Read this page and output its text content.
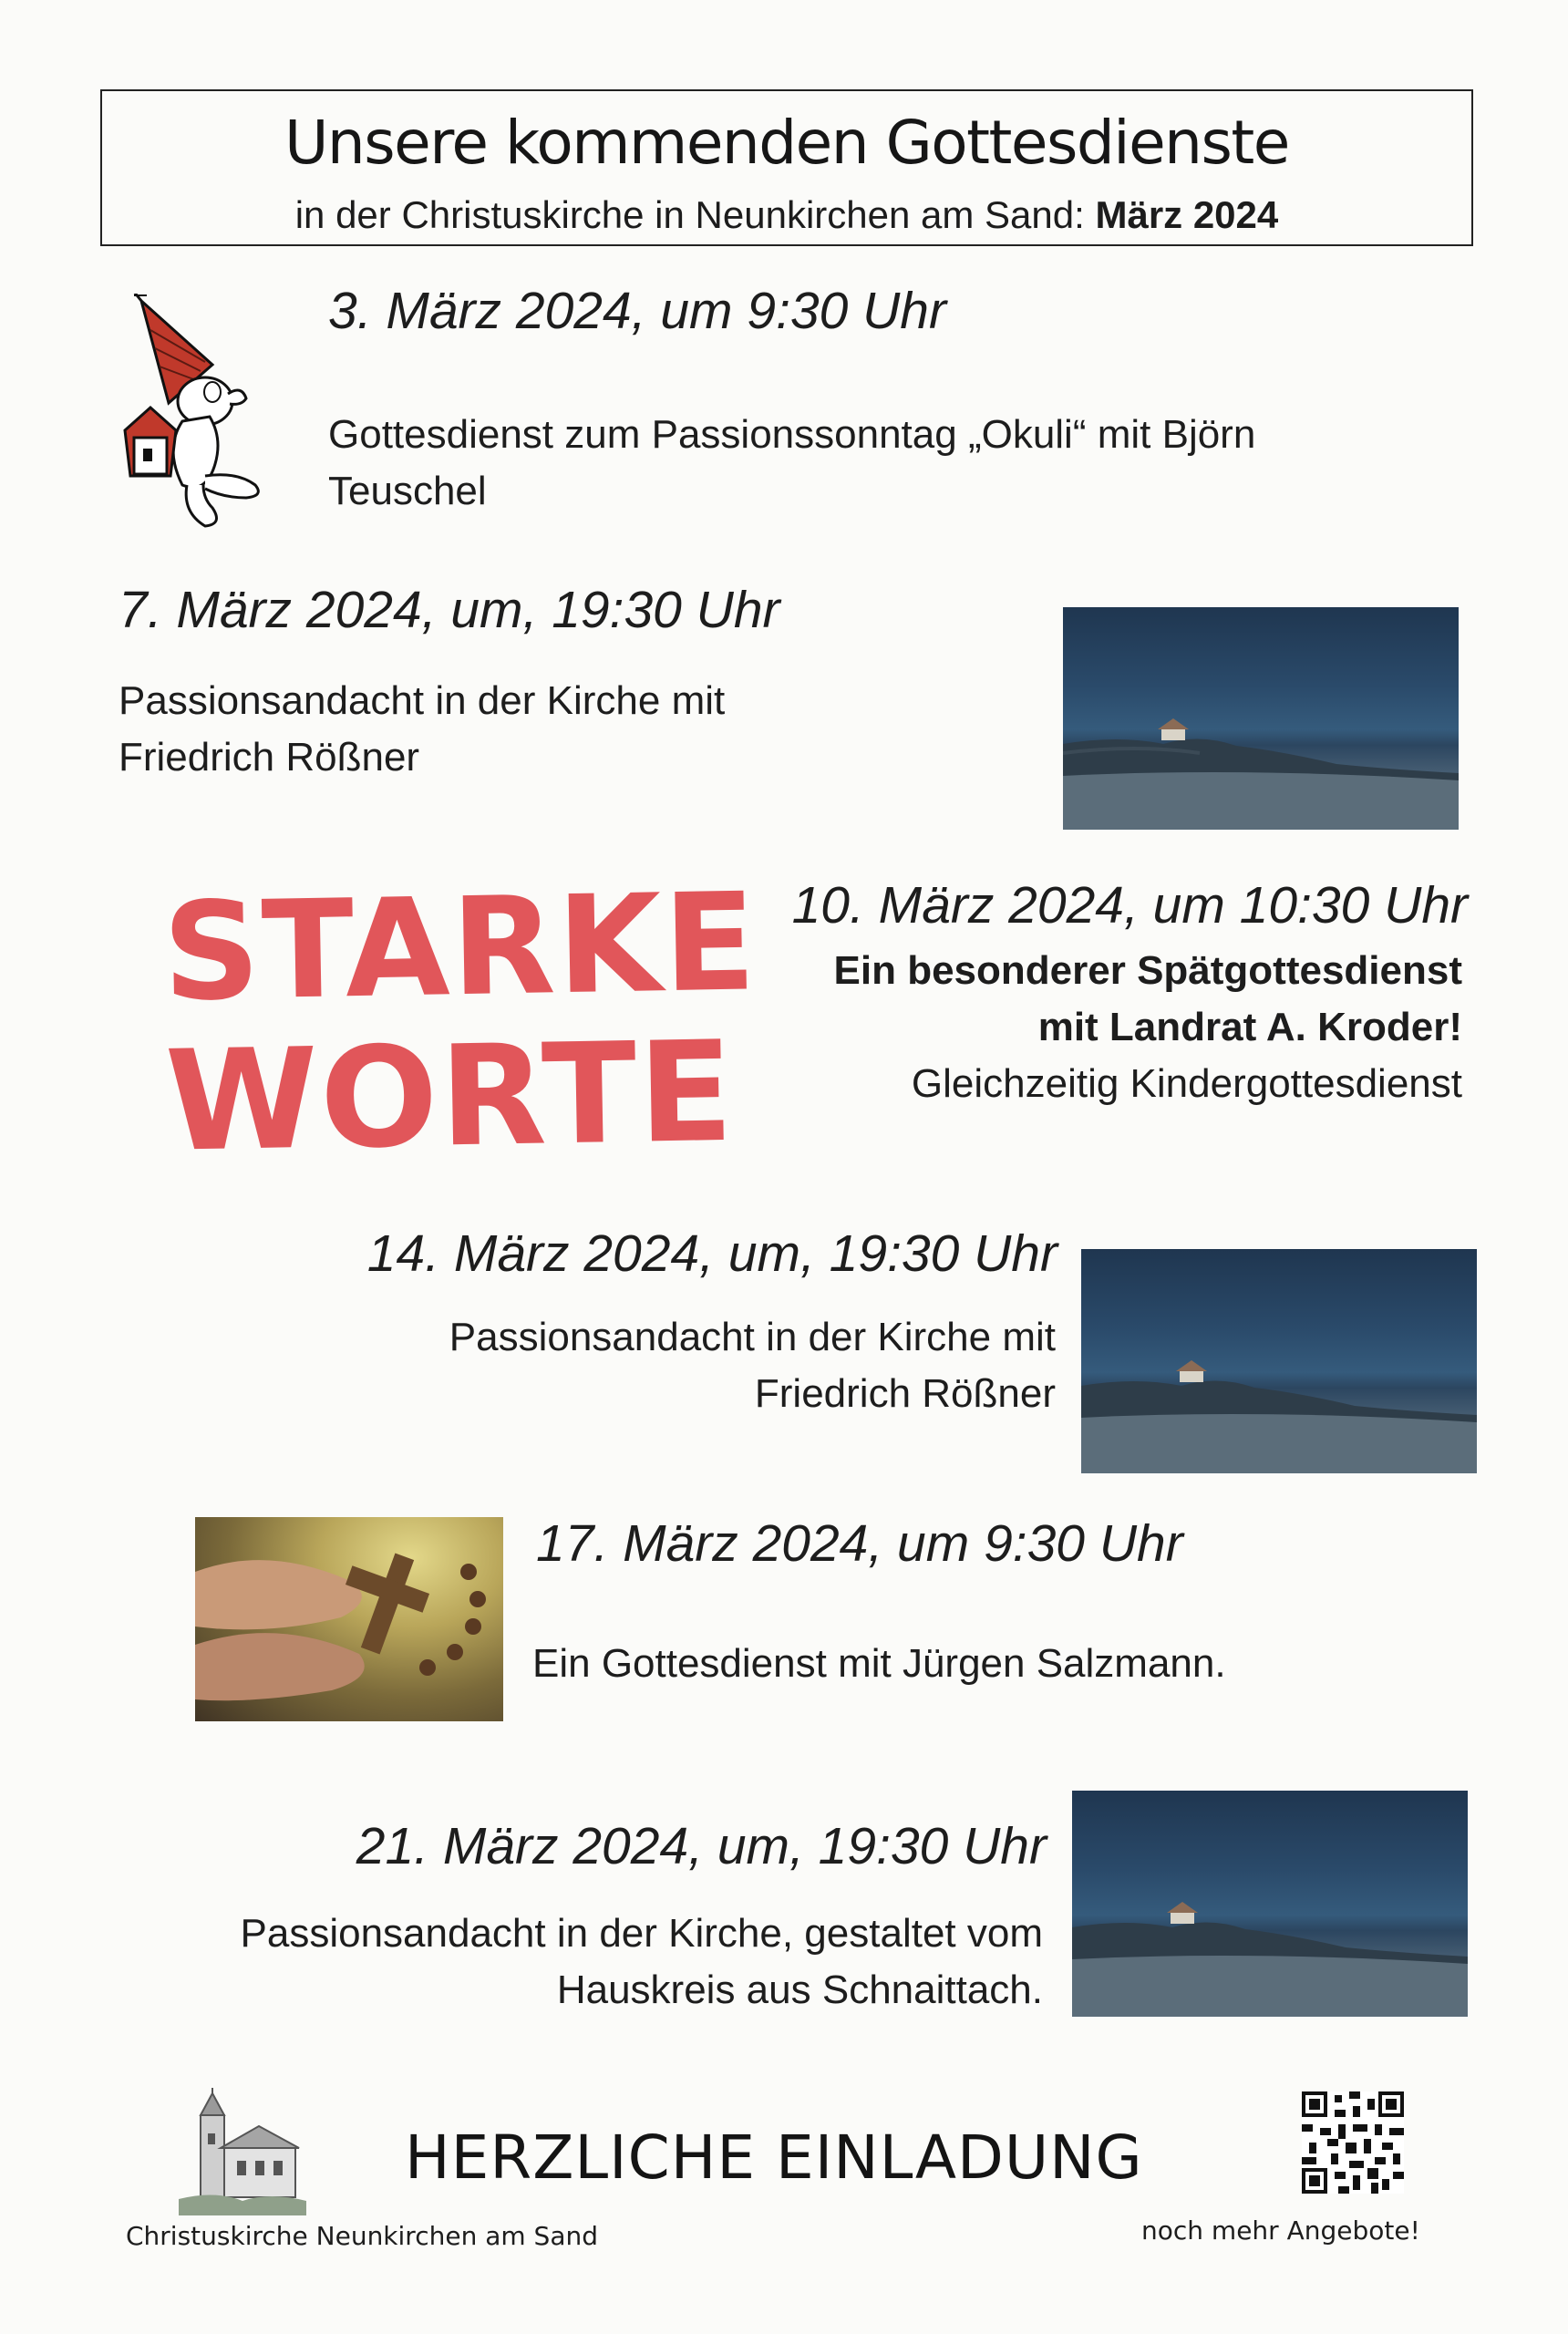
Unsere kommenden Gottesdienste
in der Christuskirche in Neunkirchen am Sand: März 2024
3. März 2024, um 9:30 Uhr
Gottesdienst zum Passionssonntag „Okuli“ mit Björn
Teuschel
7. März 2024, um, 19:30 Uhr
Passionsandacht in der Kirche mit
Friedrich Rößner
STARKE
WORTE
10. März 2024, um 10:30 Uhr
Ein besonderer Spätgottesdienst
mit Landrat A. Kroder!
Gleichzeitig Kindergottesdienst
14. März 2024, um, 19:30 Uhr
Passionsandacht in der Kirche mit
Friedrich Rößner
17. März 2024, um 9:30 Uhr
Ein Gottesdienst mit Jürgen Salzmann.
21. März 2024, um, 19:30 Uhr
Passionsandacht in der Kirche, gestaltet vom
Hauskreis aus Schnaittach.
HERZLICHE EINLADUNG
Christuskirche Neunkirchen am Sand	noch mehr Angebote!
